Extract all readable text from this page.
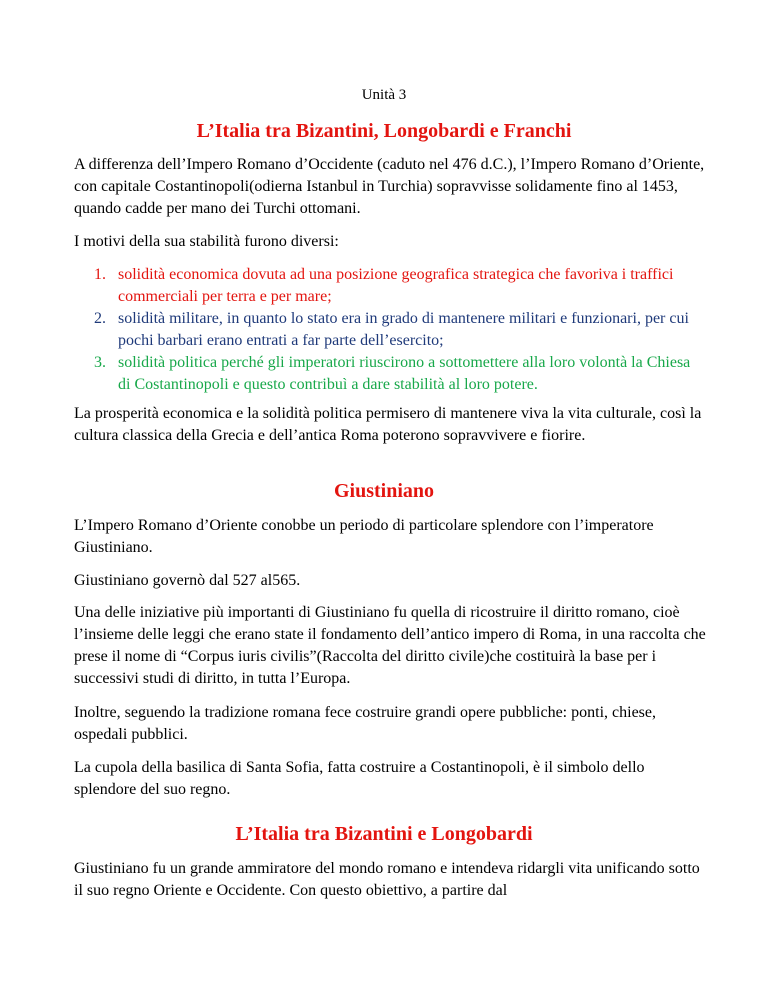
Unità 3
L’Italia tra Bizantini, Longobardi e Franchi
A differenza dell’Impero Romano d’Occidente (caduto nel 476 d.C.), l’Impero Romano d’Oriente, con capitale Costantinopoli(odierna Istanbul in Turchia) sopravvisse solidamente fino al 1453, quando cadde per mano dei Turchi ottomani.
I motivi della sua stabilità furono diversi:
1. solidità economica dovuta ad una posizione geografica strategica che favoriva i traffici commerciali per terra e per mare;
2. solidità militare, in quanto lo stato era in grado di mantenere militari e funzionari, per cui pochi barbari erano entrati a far parte dell’esercito;
3. solidità politica perché gli imperatori riuscirono a sottomettere alla loro volontà la Chiesa di Costantinopoli e questo contribuì a dare stabilità al loro potere.
La prosperità economica e la solidità politica permisero di mantenere viva la vita culturale, così la cultura classica della Grecia e dell’antica Roma poterono sopravvivere e fiorire.
Giustiniano
L’Impero Romano d’Oriente conobbe un periodo di particolare splendore con l’imperatore Giustiniano.
Giustiniano governò dal 527 al565.
Una delle iniziative più importanti di Giustiniano fu quella di ricostruire il diritto romano, cioè l’insieme delle leggi che erano state il fondamento dell’antico impero di Roma, in una raccolta che prese il nome di “Corpus iuris civilis”(Raccolta del diritto civile)che costituirà la base per i successivi studi di diritto, in tutta l’Europa.
Inoltre, seguendo la tradizione romana fece costruire grandi opere pubbliche: ponti, chiese, ospedali pubblici.
La cupola della basilica di Santa Sofia, fatta costruire a Costantinopoli, è il simbolo dello splendore del suo regno.
L’Italia tra Bizantini e Longobardi
Giustiniano fu un grande ammiratore del mondo romano e intendeva ridargli vita unificando sotto il suo regno Oriente e Occidente. Con questo obiettivo, a partire dal
